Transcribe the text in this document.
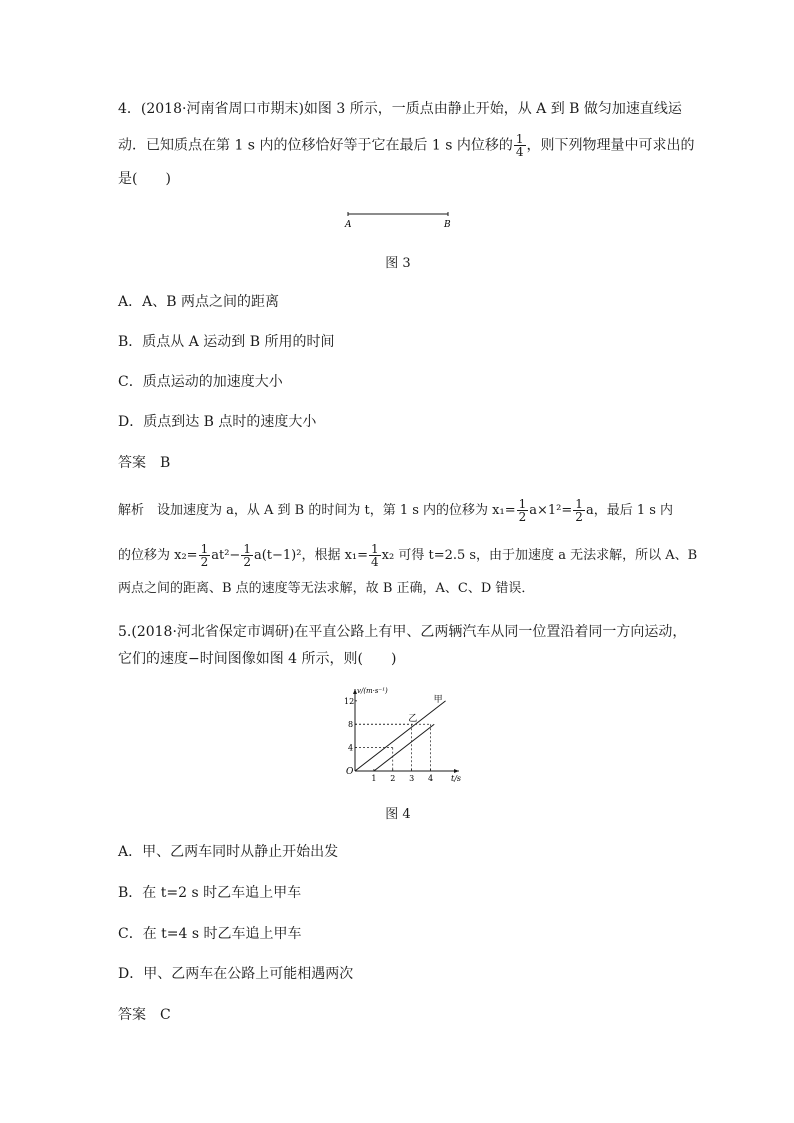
4．(2018·河南省周口市期末)如图 3 所示，一质点由静止开始，从 A 到 B 做匀加速直线运
动．已知质点在第 1 s 内的位移恰好等于它在最后 1 s 内位移的 $\frac{1}{4}$ ，则下列物理量中可求出的
是(　　)
A	B
图 3
A．A、B 两点之间的距离
B．质点从 A 运动到 B 所用的时间
C．质点运动的加速度大小
D．质点到达 B 点时的速度大小
答案　B
解析　设加速度为 a，从 A 到 B 的时间为 t，第 1 s 内的位移为 $x_1= \frac{1}{2} a\times 1^2= \frac{1}{2}$ a，最后 1 s 内
的位移为 $x_2= \frac{1}{2} at^2- \frac{1}{2} a(t-1)^2$，根据 $x_1= \frac{1}{4} x_2$ 可得 t=2.5 s，由于加速度 a 无法求解，所以 A、B
两点之间的距离、B 点的速度等无法求解，故 B 正确，A、C、D 错误．
5.(2018·河北省保定市调研)在平直公路上有甲、乙两辆汽车从同一位置沿着同一方向运动，
它们的速度−时间图像如图 4 所示，则(　　)
v/(m·s⁻¹)
t/s
O
1 2 3 4
4
8
12	甲
乙
图 4
A．甲、乙两车同时从静止开始出发
B．在 t=2 s 时乙车追上甲车
C．在 t=4 s 时乙车追上甲车
D．甲、乙两车在公路上可能相遇两次
答案　C
